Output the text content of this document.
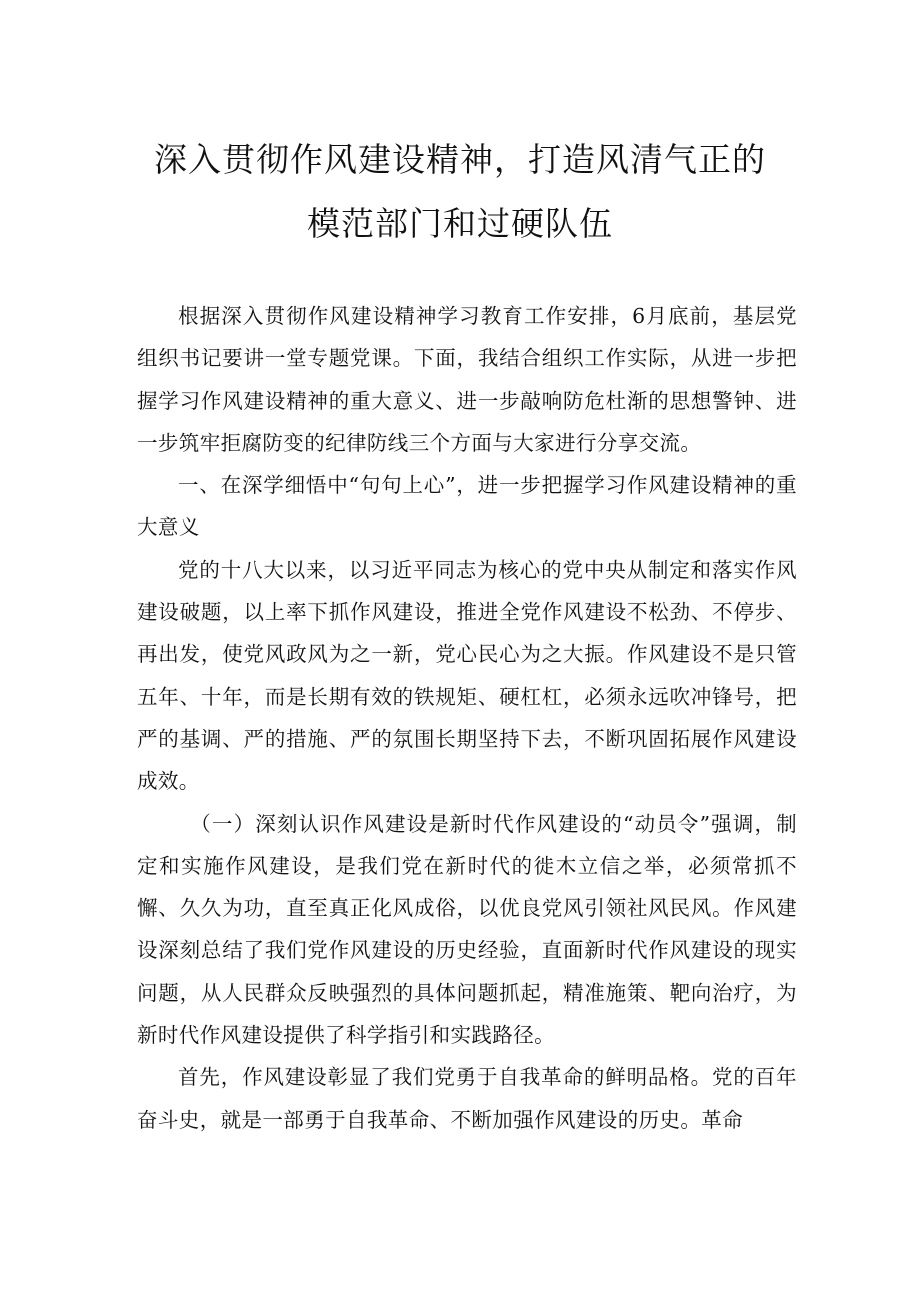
深入贯彻作风建设精神，打造风清气正的
模范部门和过硬队伍

根据深入贯彻作风建设精神学习教育工作安排，6月底前，基层党组织书记要讲一堂专题党课。下面，我结合组织工作实际，从进一步把握学习作风建设精神的重大意义、进一步敲响防危杜渐的思想警钟、进一步筑牢拒腐防变的纪律防线三个方面与大家进行分享交流。

一、在深学细悟中“句句上心”，进一步把握学习作风建设精神的重大意义

党的十八大以来，以习近平同志为核心的党中央从制定和落实作风建设破题，以上率下抓作风建设，推进全党作风建设不松劲、不停步、再出发，使党风政风为之一新，党心民心为之大振。作风建设不是只管五年、十年，而是长期有效的铁规矩、硬杠杠，必须永远吹冲锋号，把严的基调、严的措施、严的氛围长期坚持下去，不断巩固拓展作风建设成效。

（一）深刻认识作风建设是新时代作风建设的“动员令”强调，制定和实施作风建设，是我们党在新时代的徙木立信之举，必须常抓不懈、久久为功，直至真正化风成俗，以优良党风引领社风民风。作风建设深刻总结了我们党作风建设的历史经验，直面新时代作风建设的现实问题，从人民群众反映强烈的具体问题抓起，精准施策、靶向治疗，为新时代作风建设提供了科学指引和实践路径。

首先，作风建设彰显了我们党勇于自我革命的鲜明品格。党的百年奋斗史，就是一部勇于自我革命、不断加强作风建设的历史。革命
